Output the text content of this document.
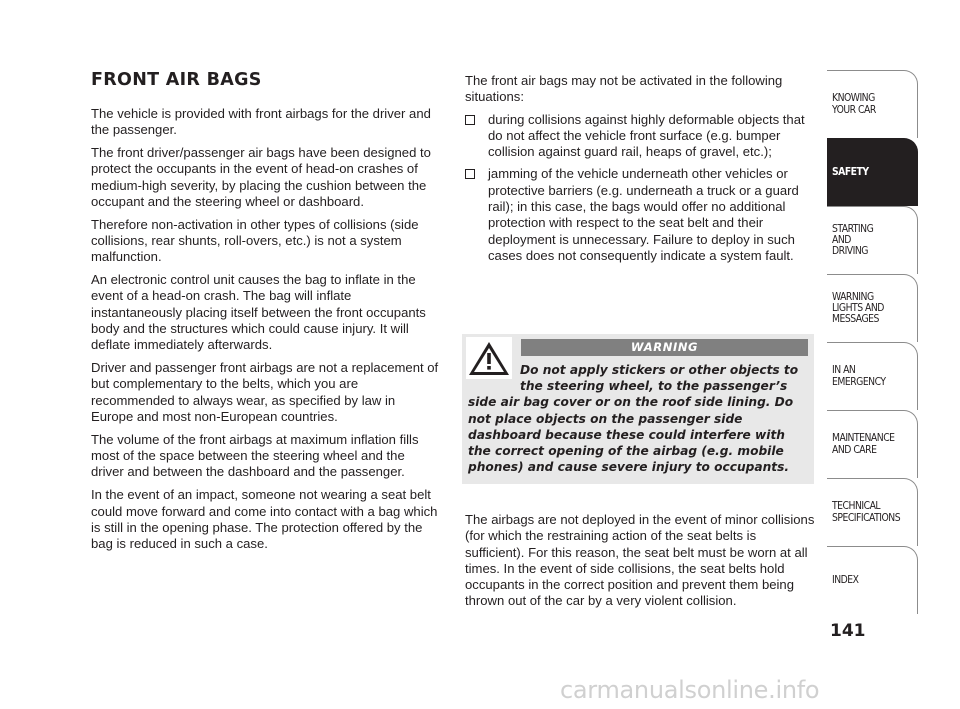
FRONT AIR BAGS

The vehicle is provided with front airbags for the driver and the passenger.

The front driver/passenger air bags have been designed to protect the occupants in the event of head-on crashes of medium-high severity, by placing the cushion between the occupant and the steering wheel or dashboard.

Therefore non-activation in other types of collisions (side collisions, rear shunts, roll-overs, etc.) is not a system malfunction.

An electronic control unit causes the bag to inflate in the event of a head-on crash. The bag will inflate instantaneously placing itself between the front occupants body and the structures which could cause injury. It will deflate immediately afterwards.

Driver and passenger front airbags are not a replacement of but complementary to the belts, which you are recommended to always wear, as specified by law in Europe and most non-European countries.

The volume of the front airbags at maximum inflation fills most of the space between the steering wheel and the driver and between the dashboard and the passenger.

In the event of an impact, someone not wearing a seat belt could move forward and come into contact with a bag which is still in the opening phase. The protection offered by the bag is reduced in such a case.

The front air bags may not be activated in the following situations:

during collisions against highly deformable objects that do not affect the vehicle front surface (e.g. bumper collision against guard rail, heaps of gravel, etc.);
jamming of the vehicle underneath other vehicles or protective barriers (e.g. underneath a truck or a guard rail); in this case, the bags would offer no additional protection with respect to the seat belt and their deployment is unnecessary. Failure to deploy in such cases does not consequently indicate a system fault.
WARNING
Do not apply stickers or other objects to the steering wheel, to the passenger’s side air bag cover or on the roof side lining. Do not place objects on the passenger side dashboard because these could interfere with the correct opening of the airbag (e.g. mobile phones) and cause severe injury to occupants.
The airbags are not deployed in the event of minor collisions (for which the restraining action of the seat belts is sufficient). For this reason, the seat belt must be worn at all times. In the event of side collisions, the seat belts hold occupants in the correct position and prevent them being thrown out of the car by a very violent collision.
KNOWING
YOUR CAR
SAFETY
STARTING
AND
DRIVING
WARNING
LIGHTS AND
MESSAGES
IN AN
EMERGENCY
MAINTENANCE
AND CARE
TECHNICAL
SPECIFICATIONS
INDEX
141
carmanualsonline.info
